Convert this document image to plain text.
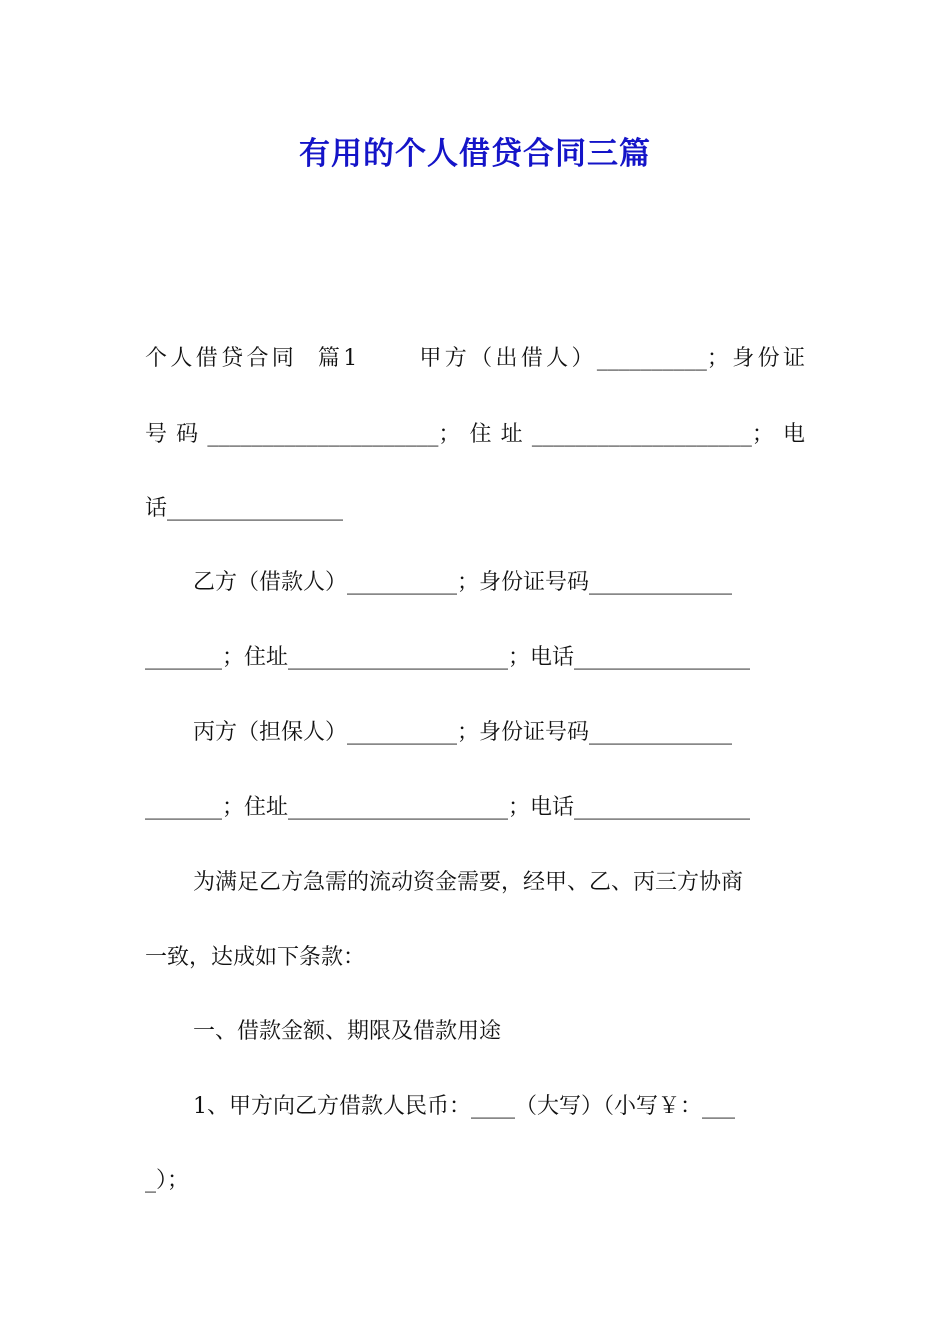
有用的个人借贷合同三篇
个人借贷合同  篇1      甲方（出借人）__________；身份证
号码_____________________；住址____________________；电
话________________
乙方（借款人）__________；身份证号码_____________
_______；住址____________________；电话________________
丙方（担保人）__________；身份证号码_____________
_______；住址____________________；电话________________
为满足乙方急需的流动资金需要，经甲、乙、丙三方协商
一致，达成如下条款：
一、借款金额、期限及借款用途
1、甲方向乙方借款人民币：____（大写）（小写￥：___
_）；
